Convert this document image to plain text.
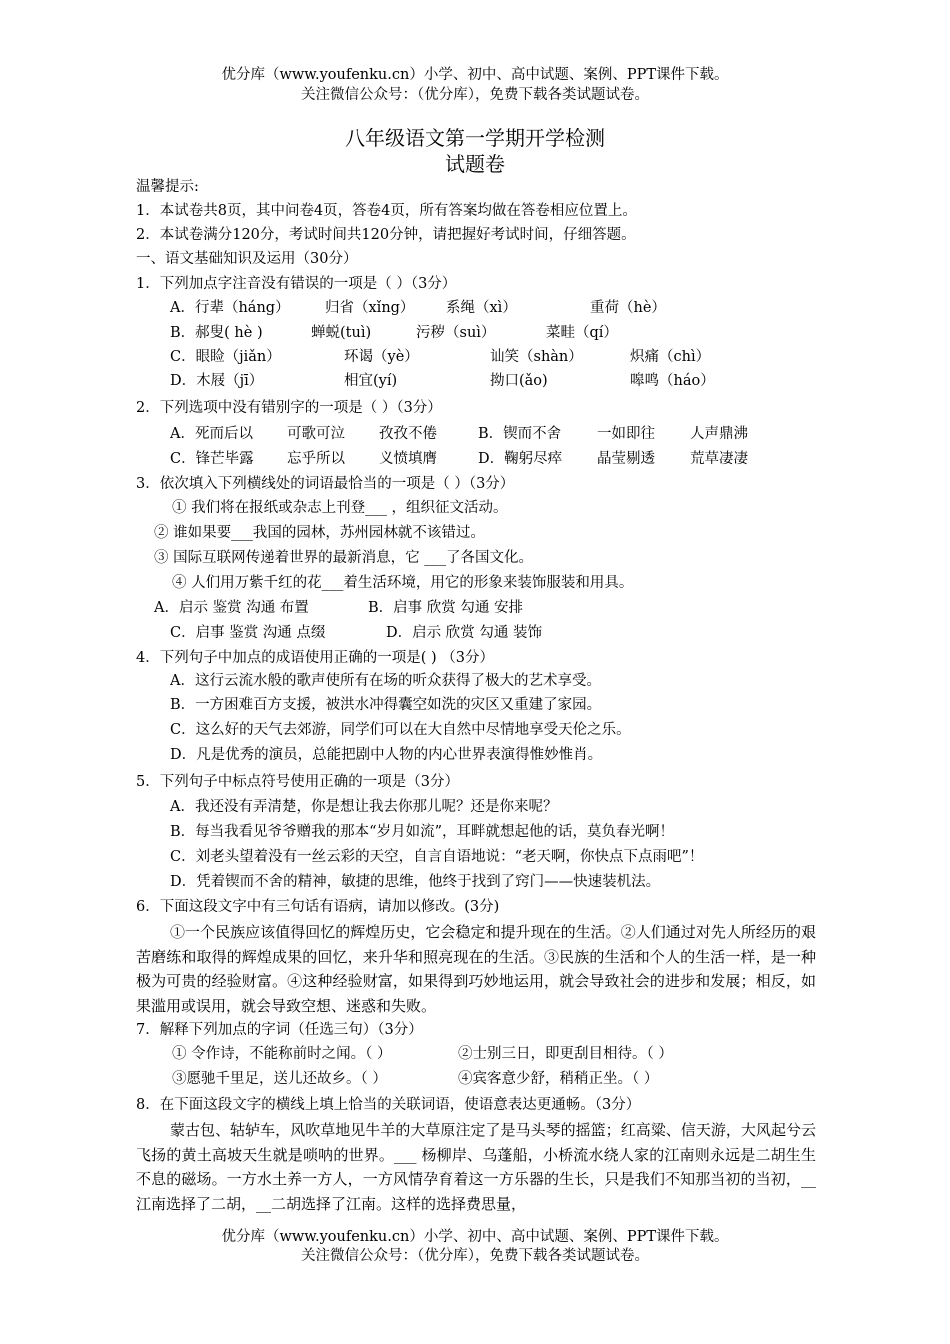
优分库（www.youfenku.cn）小学、初中、高中试题、案例、PPT课件下载。
关注微信公众号：（优分库），免费下载各类试题试卷。
八年级语文第一学期开学检测
试题卷
温馨提示:
1．本试卷共8页，其中问卷4页，答卷4页，所有答案均做在答卷相应位置上。
2．本试卷满分120分，考试时间共120分钟，请把握好考试时间，仔细答题。
一、语文基础知识及运用（30分）
1．下列加点字注音没有错误的一项是（ ）（3分）
A．行辈（háng） 归省（xǐng） 系绳（xì）	重荷（hè）
B．郝叟( hè )	蝉蜕(tuì)	污秽（suì）	菜畦（qí）
C．眼睑（jiǎn）	环谒（yè）	讪笑（shàn）	炽痛（chì）
D．木屐（jī）	相宜(yí)	拗口(ǎo)	嗥鸣（háo）
2．下列选项中没有错别字的一项是（ ）（3分）
A．死而后以 可歌可泣 孜孜不倦	B．锲而不舍 一如即往 人声鼎沸
C．锋芒毕露 忘乎所以 义愤填膺	D．鞠躬尽瘁 晶莹剔透 荒草凄凄
3．依次填入下列横线处的词语最恰当的一项是（ ）（3分）
① 我们将在报纸或杂志上刊登___ ，组织征文活动。
② 谁如果要___我国的园林，苏州园林就不该错过。
③ 国际互联网传递着世界的最新消息，它 ___了各国文化。
④ 人们用万紫千红的花___着生活环境，用它的形象来装饰服装和用具。
A．启示 鉴赏 沟通 布置	B．启事 欣赏 勾通 安排
C．启事 鉴赏 沟通 点缀	D．启示 欣赏 勾通 装饰
4．下列句子中加点的成语使用正确的一项是( ) （3分）
A．这行云流水般的歌声使所有在场的听众获得了极大的艺术享受。
B．一方困难百方支援，被洪水冲得囊空如洗的灾区又重建了家园。
C．这么好的天气去郊游，同学们可以在大自然中尽情地享受天伦之乐。
D．凡是优秀的演员，总能把剧中人物的内心世界表演得惟妙惟肖。
5．下列句子中标点符号使用正确的一项是（3分）
A．我还没有弄清楚，你是想让我去你那儿呢？还是你来呢？
B．每当我看见爷爷赠我的那本“岁月如流”，耳畔就想起他的话，莫负春光啊！
C．刘老头望着没有一丝云彩的天空，自言自语地说：“老天啊，你快点下点雨吧”！
D．凭着锲而不舍的精神，敏捷的思维，他终于找到了窍门——快速装机法。
6．下面这段文字中有三句话有语病，请加以修改。(3分)
①一个民族应该值得回忆的辉煌历史，它会稳定和提升现在的生活。②人们通过对先人所经历的艰苦磨练和取得的辉煌成果的回忆，来升华和照亮现在的生活。③民族的生活和个人的生活一样，是一种极为可贵的经验财富。④这种经验财富，如果得到巧妙地运用，就会导致社会的进步和发展；相反，如果滥用或误用，就会导致空想、迷惑和失败。
7．解释下列加点的字词（任选三句）（3分）
① 令作诗，不能称前时之闻。（ ）	②士别三日，即更刮目相待。（ ）
③愿驰千里足，送儿还故乡。（ ）	④宾客意少舒，稍稍正坐。（ ）
8．在下面这段文字的横线上填上恰当的关联词语，使语意表达更通畅。（3分）
蒙古包、轱轳车，风吹草地见牛羊的大草原注定了是马头琴的摇篮；红高粱、信天游，大风起兮云飞扬的黄土高坡天生就是唢呐的世界。___ 杨柳岸、乌蓬船，小桥流水绕人家的江南则永远是二胡生生不息的磁场。一方水土养一方人，一方风情孕育着这一方乐器的生长，只是我们不知那当初的当初，__江南选择了二胡，__二胡选择了江南。这样的选择费思量，
优分库（www.youfenku.cn）小学、初中、高中试题、案例、PPT课件下载。
关注微信公众号：（优分库），免费下载各类试题试卷。
